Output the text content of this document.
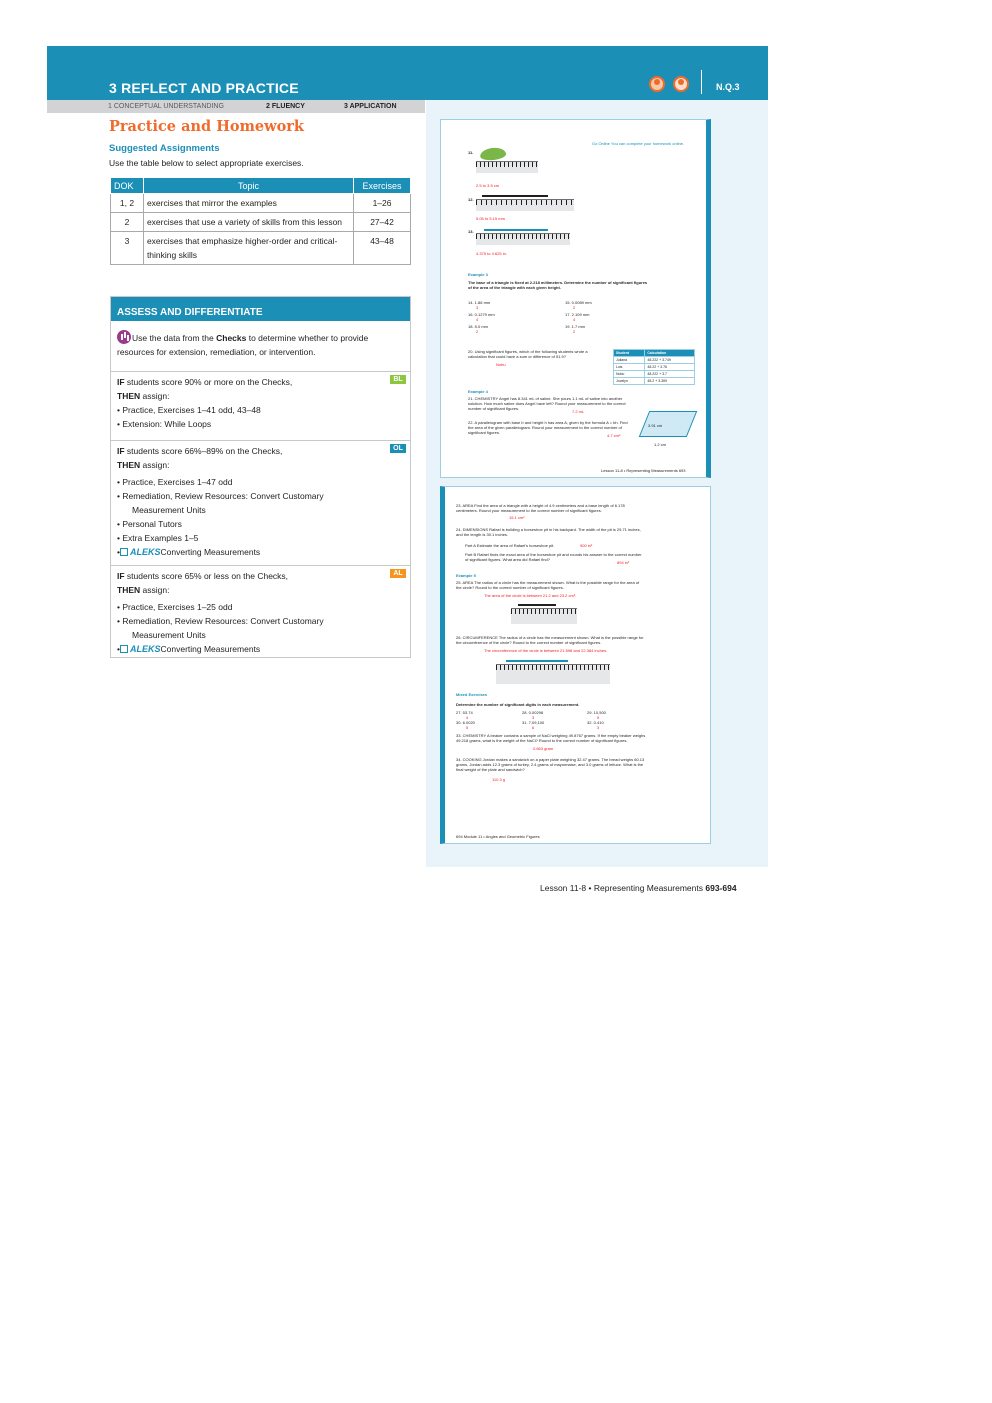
3 REFLECT AND PRACTICE	N.Q.3
1 CONCEPTUAL UNDERSTANDING	2 FLUENCY	3 APPLICATION
Practice and Homework
Suggested Assignments
Use the table below to select appropriate exercises.
DOK	Topic	Exercises
1, 2	exercises that mirror the examples	1–26
2	exercises that use a variety of skills from this lesson	27–42
3	exercises that emphasize higher-order and critical-thinking skills	43–48
ASSESS AND DIFFERENTIATE
Use the data from the Checks to determine whether to provide resources for extension, remediation, or intervention.
BL
IF students score 90% or more on the Checks,
THEN assign:
• Practice, Exercises 1–41 odd, 43–48
• Extension: While Loops
OL
IF students score 66%–89% on the Checks,
THEN assign:
• Practice, Exercises 1–47 odd
• Remediation, Review Resources: Convert Customary
Measurement Units
• Personal Tutors
• Extra Examples 1–5
• ALEKSConverting Measurements
AL
IF students score 65% or less on the Checks,
THEN assign:
• Practice, Exercises 1–25 odd
• Remediation, Review Resources: Convert Customary
Measurement Units
• ALEKSConverting Measurements
Go Online You can complete your homework online.
11.
2.5 to 3.5 cm
12.
5.05 to 5.15 mm
13.
4.375 to 4.625 in.
Example 3
The base of a triangle is fixed at 2.218 millimeters. Determine the number of significant figures of the area of the triangle with each given height.
14. 1.86 mm
3
15. 0.0089 mm
2
16. 0.1279 mm
4
17. 2.109 mm
4
18. 5.0 mm
2
19. 1.7 mm
2
20. Using significant figures, which of the following students wrote a calculation that could have a sum or difference of 51.9?
Nobu
Student	Calculation
Juliana	48.222 + 3.749
Luis	48.22 + 3.76
Nobu	48.222 + 3.7
Jocelyn	48.2 + 3.369
Example 4
21. CHEMISTRY Angel has 8.341 mL of saline. She pours 1.1 mL of saline into another solution. How much saline does Angel have left? Round your measurement to the correct number of significant figures.
7.2 mL
22. A parallelogram with base b and height h has area A, given by the formula A = bh. Find the area of the given parallelogram. Round your measurement to the correct number of significant figures.
4.7 cm²
3.91 cm
1.2 cm
Lesson 11-8 • Representing Measurements 693
23. AREA Find the area of a triangle with a height of 4.9 centimeters and a base length of 6.178 centimeters. Round your measurement to the correct number of significant figures.
15.1 cm²
24. DIMENSIONS Rafael is building a horseshoe pit in his backyard. The width of the pit is 29.71 inches, and the length is 30.1 inches.
Part A Estimate the area of Rafael's horseshoe pit.	900 in²
Part B Rafael finds the exact area of the horseshoe pit and rounds his answer to the correct number of significant figures. What area did Rafael find?
894 in²
Example 5
25. AREA The radius of a circle has the measurement shown. What is the possible range for the area of the circle? Round to the correct number of significant figures.
The area of the circle is between 21.2 and 23.2 cm².
26. CIRCUMFERENCE The radius of a circle has the measurement shown. What is the possible range for the circumference of the circle? Round to the correct number of significant figures.
The circumference of the circle is between 21.598 and 22.384 inches.
Mixed Exercises
Determine the number of significant digits in each measurement.
27. 53.74
4
28. 0.00298
3
29. 10,500
5
30. 6.0020
5
31. 7,09,100
6
32. 0.410
3
33. CHEMISTRY A beaker contains a sample of NaCl weighing 49.8767 grams. If the empty beaker weighs 49.218 grams, what is the weight of the NaCl? Round to the correct number of significant figures.
0.663 gram
34. COOKING Jordan makes a sandwich on a paper plate weighing 32.47 grams. The bread weighs 60.13 grams, Jordan adds 12.3 grams of turkey, 2.4 grams of mayonnaise, and 3.0 grams of lettuce. What is the final weight of the plate and sandwich?
110.3 g
694 Module 11 • Angles and Geometric Figures
Lesson 11-8 • Representing Measurements 693-694
